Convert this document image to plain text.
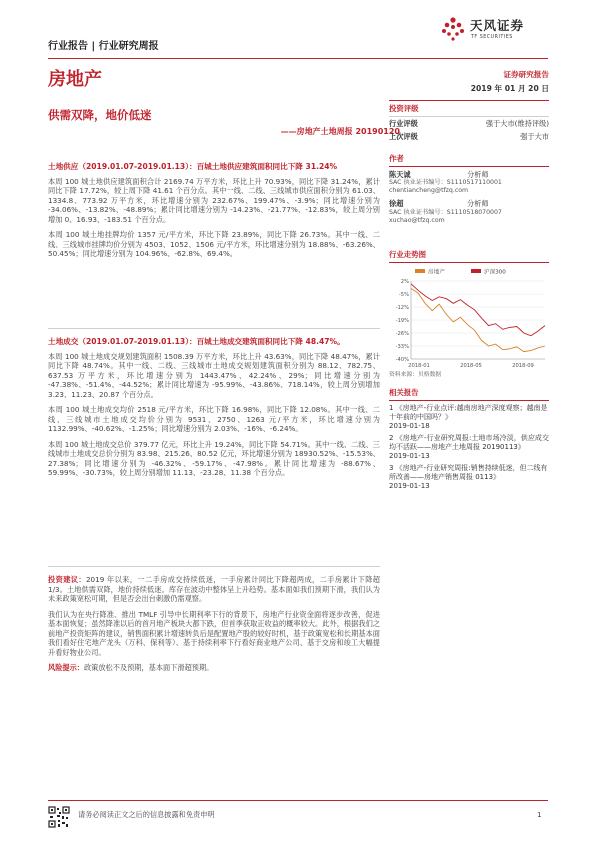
天风证券
TF SECURITIES
行业报告 | 行业研究周报
房地产
供需双降，地价低迷
——房地产土地周报 20190120
土地供应（2019.01.07-2019.01.13）：百城土地供应建筑面积同比下降 31.24%

本周 100 城土地供应建筑面积合计 2169.74 万平方米，环比上升 70.93%，同比下降 31.24%，累计同比下降 17.72%，较上周下降 41.61 个百分点。其中一线、二线、三线城市供应面积分别为 61.03、1334.8、773.92 万平方米，环比增速分别为 232.67%、199.47%、-3.9%；同比增速分别为 -34.06%、-13.82%、-48.89%；累计同比增速分别为 -14.23%、-21.77%、-12.83%，较上周分别增加 0、16.93、-183.51 个百分点。

本周 100 城土地挂牌均价 1357 元/平方米，环比下降 23.89%，同比下降 26.73%。其中一线、二线、三线城市挂牌均价分别为 4503、1052、1506 元/平方米，环比增速分别为 18.88%、-63.26%、50.45%；同比增速分别为 104.96%、-62.8%、69.4%。

土地成交（2019.01.07-2019.01.13）：百城土地成交建筑面积同比下降 48.47%。

本周 100 城土地成交规划建筑面积 1508.39 万平方米，环比上升 43.63%，同比下降 48.47%，累计同比下降 48.74%。其中一线、二线、三线城市土地成交规划建筑面积分别为 88.12、782.75、637.53 万平方米，环比增速分别为 1443.47%、42.24%、29%；同比增速分别为 -47.38%、-51.4%、-44.52%；累计同比增速为 -95.99%、-43.86%、718.14%，较上周分别增加 3.23、11.23、20.87 个百分点。

本周 100 城土地成交均价 2518 元/平方米，环比下降 16.98%，同比下降 12.08%。其中一线、二线、三线城市土地成交均价分别为 9531、2750、1263 元/平方米，环比增速分别为 1132.99%、-40.62%、-1.25%；同比增速分别为 2.03%、-16%、-6.24%。

本周 100 城土地成交总价 379.77 亿元，环比上升 19.24%，同比下降 54.71%。其中一线、二线、三线城市土地成交总价分别为 83.98、215.26、80.52 亿元，环比增速分别为 18930.52%、-15.53%、27.38%；同比增速分别为 -46.32%、-59.17%、-47.98%。累计同比增速为 -88.67%、59.99%、-30.73%，较上周分别增加 11.13、-23.28、11.38 个百分点。

投资建议：2019 年以来，一二手房成交持续低迷，一手房累计同比下降超两成，二手房累计下降超 1/3。土地供需双降，地价持续低迷。库存在波动中整体呈上升趋势。基本面如我们预期下滑，我们认为未来政策宽松可期，但是否会出台刺激仍需观察。

我们认为在央行降准、推出 TMLF 引导中长期利率下行的背景下，房地产行业资金面将逐步改善，促进基本面恢复；虽然降准以后的首月地产板块大都下跌，但首季获取正收益的概率较大。此外，根据我们之前地产投资矩阵的建议，销售面积累计增速转负后是配置地产股的较好时机，基于政策宽松和长期基本面我们看好住宅地产龙头（万科、保利等）、基于持续利率下行看好商业地产公司、基于交房和竣工大幅提升看好物业公司。

风险提示：政策放松不及预期，基本面下滑超预期。

证券研究报告
2019 年 01 月 20 日
投资评级
行业评级	强于大市(维持评级)
上次评级	强于大市
作者
陈天诚	分析师
SAC 执业证书编号：S1110517110001
chentiancheng@tfzq.com
徐超	分析师
SAC 执业证书编号：S1110518070007
xuchao@tfzq.com
行业走势图
房地产	沪深300
2%
-5%
-12%
-19%
-26%
-33%
-40%
2018-01	2018-05	2018-09
资料来源：贝格数据
相关报告
1 《房地产-行业点评:越南房地产深度观察；越南是十年前的中国吗？》
2019-01-18
2 《房地产-行业研究周报:土地市场冷淡，供应成交均不活跃——房地产土地周报 20190113》
2019-01-13
3 《房地产-行业研究周报:销售持续低迷，但二线有所改善——房地产销售周报 0113》
2019-01-13
请务必阅读正文之后的信息披露和免责申明	1
